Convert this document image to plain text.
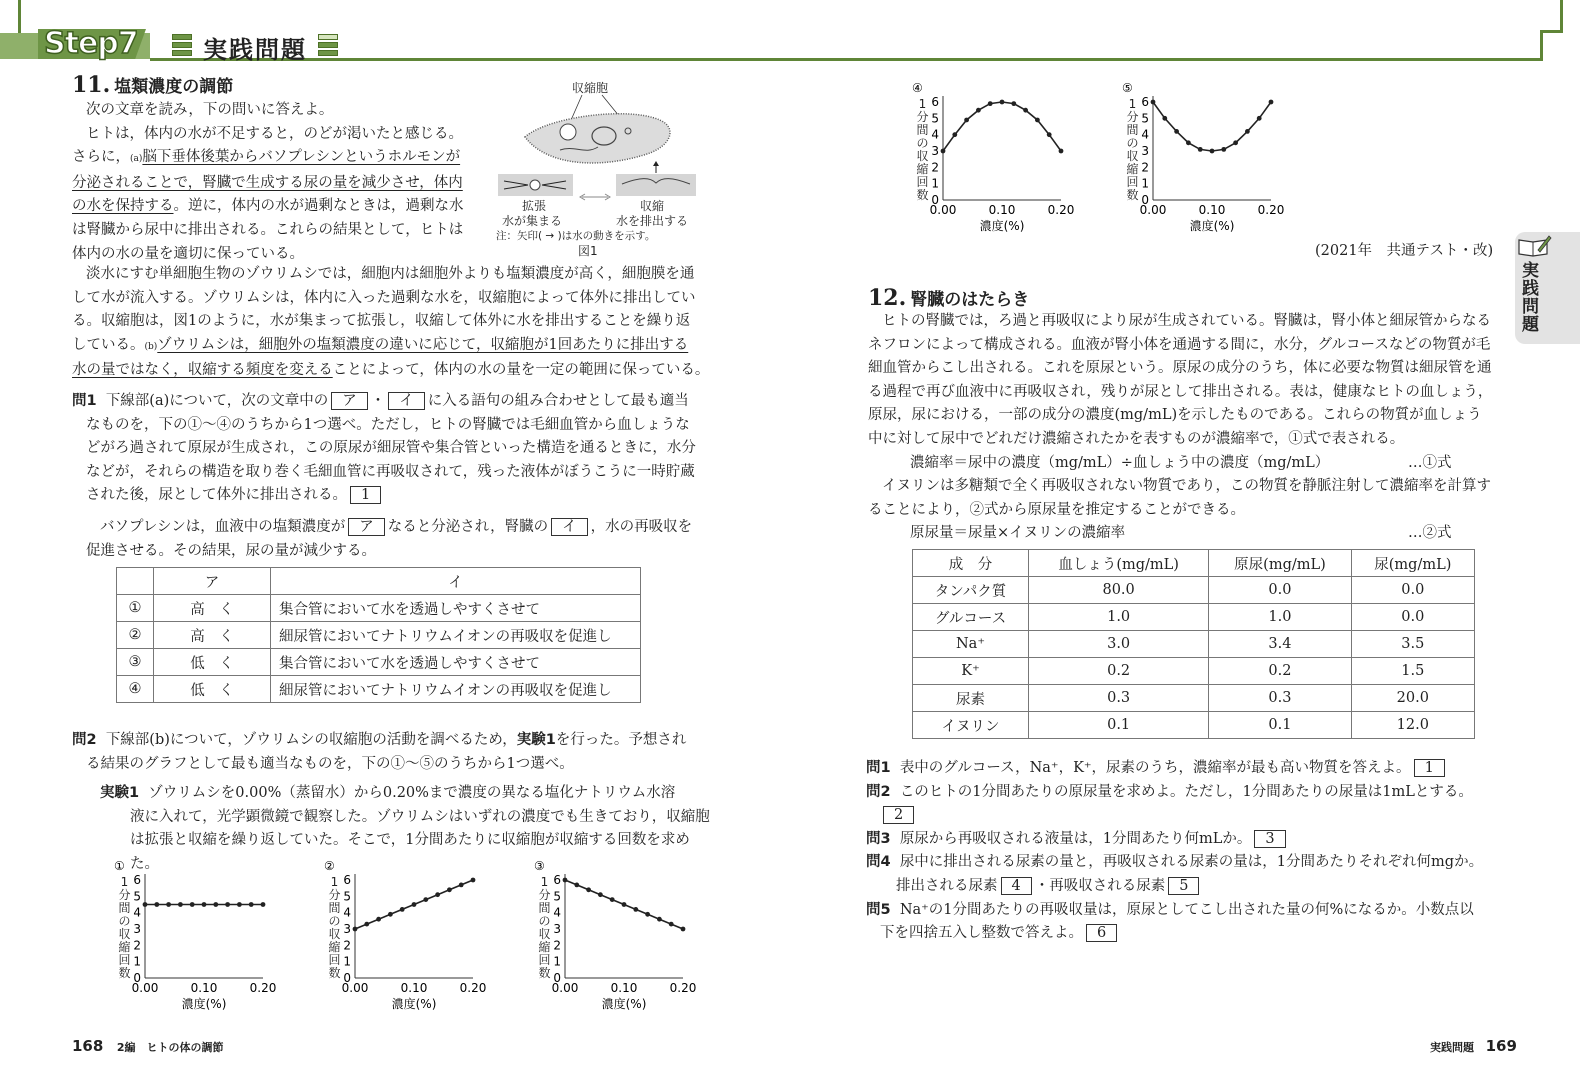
Step7	実践問題
11. 塩類濃度の調節
次の文章を読み，下の問いに答えよ。
ヒトは，体内の水が不足すると，のどが渇いたと感じる。
さらに，(a)脳下垂体後葉からバソプレシンというホルモンが
分泌されることで，腎臓で生成する尿の量を減少させ，体内
の水を保持する。逆に，体内の水が過剰なときは，過剰な水
は腎臓から尿中に排出される。これらの結果として，ヒトは
体内の水の量を適切に保っている。
収縮胞
拡張
水が集まる
収縮
水を排出する
注：矢印( → )は水の動きを示す。
図1
淡水にすむ単細胞生物のゾウリムシでは，細胞内は細胞外よりも塩類濃度が高く，細胞膜を通
して水が流入する。ゾウリムシは，体内に入った過剰な水を，収縮胞によって体外に排出してい
る。収縮胞は，図1のように，水が集まって拡張し，収縮して体外に水を排出することを繰り返
している。(b)ゾウリムシは，細胞外の塩類濃度の違いに応じて，収縮胞が1回あたりに排出する
水の量ではなく，収縮する頻度を変えることによって，体内の水の量を一定の範囲に保っている。
問1 下線部(a)について，次の文章中の ア ・ イ に入る語句の組み合わせとして最も適当
なものを，下の①〜④のうちから1つ選べ。ただし，ヒトの腎臓では毛細血管から血しょうな
どがろ過されて原尿が生成され，この原尿が細尿管や集合管といった構造を通るときに，水分
などが，それらの構造を取り巻く毛細血管に再吸収されて，残った液体がぼうこうに一時貯蔵
された後，尿として体外に排出される。 1
バソプレシンは，血液中の塩類濃度が ア なると分泌され，腎臓の イ ，水の再吸収を
促進させる。その結果，尿の量が減少する。
	ア	イ
①	高　く	集合管において水を透過しやすくさせて
②	高　く	細尿管においてナトリウムイオンの再吸収を促進し
③	低　く	集合管において水を透過しやすくさせて
④	低　く	細尿管においてナトリウムイオンの再吸収を促進し
問2 下線部(b)について，ゾウリムシの収縮胞の活動を調べるため，実験1を行った。予想され
る結果のグラフとして最も適当なものを，下の①〜⑤のうちから1つ選べ。
実験1 ゾウリムシを0.00%（蒸留水）から0.20%まで濃度の異なる塩化ナトリウム水溶
液に入れて，光学顕微鏡で観察した。ゾウリムシはいずれの濃度でも生きており，収縮胞
は拡張と収縮を繰り返していた。そこで，1分間あたりに収縮胞が収縮する回数を求めた。
①
0
1
2
3
4
5
6
0.00	0.10	0.20
濃度(%)
1分間の収縮回数
②
0
1
2
3
4
5
6
0.00	0.10	0.20
濃度(%)
1分間の収縮回数
③
0
1
2
3
4
5
6
0.00	0.10	0.20
濃度(%)
1分間の収縮回数
④
0
1
2
3
4
5
6
0.00	0.10	0.20
濃度(%)
1分間の収縮回数
⑤
0
1
2
3
4
5
6
0.00	0.10	0.20
濃度(%)
1分間の収縮回数
(2021年　共通テスト・改)
実践問題
12. 腎臓のはたらき
ヒトの腎臓では，ろ過と再吸収により尿が生成されている。腎臓は，腎小体と細尿管からなる
ネフロンによって構成される。血液が腎小体を通過する間に，水分，グルコースなどの物質が毛
細血管からこし出される。これを原尿という。原尿の成分のうち，体に必要な物質は細尿管を通
る過程で再び血液中に再吸収され，残りが尿として排出される。表は，健康なヒトの血しょう，
原尿，尿における，一部の成分の濃度(mg/mL)を示したものである。これらの物質が血しょう
中に対して尿中でどれだけ濃縮されたかを表すものが濃縮率で，①式で表される。
濃縮率＝尿中の濃度（mg/mL）÷血しょう中の濃度（mg/mL）	…①式
イヌリンは多糖類で全く再吸収されない物質であり，この物質を静脈注射して濃縮率を計算す
ることにより，②式から原尿量を推定することができる。
原尿量＝尿量×イヌリンの濃縮率	…②式
成　分	血しょう(mg/mL)	原尿(mg/mL)	尿(mg/mL)
タンパク質	80.0	0.0	0.0
グルコース	1.0	1.0	0.0
Na⁺	3.0	3.4	3.5
K⁺	0.2	0.2	1.5
尿素	0.3	0.3	20.0
イヌリン	0.1	0.1	12.0
問1 表中のグルコース，Na⁺，K⁺，尿素のうち，濃縮率が最も高い物質を答えよ。 1
問2 このヒトの1分間あたりの原尿量を求めよ。ただし，1分間あたりの尿量は1mLとする。
2
問3 原尿から再吸収される液量は，1分間あたり何mLか。 3
問4 尿中に排出される尿素の量と，再吸収される尿素の量は，1分間あたりそれぞれ何mgか。
排出される尿素 4 ・再吸収される尿素 5
問5 Na⁺の1分間あたりの再吸収量は，原尿としてこし出された量の何%になるか。小数点以
下を四捨五入し整数で答えよ。 6
168 2編　ヒトの体の調節	実践問題 169
